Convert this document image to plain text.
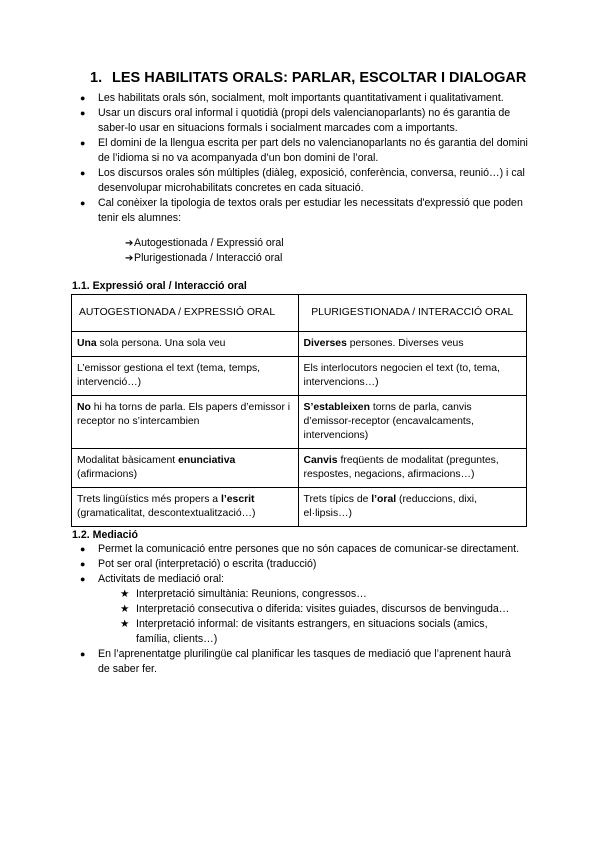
1. LES HABILITATS ORALS: PARLAR, ESCOLTAR I DIALOGAR
● Les habilitats orals són, socialment, molt importants quantitativament i qualitativament.
● Usar un discurs oral informal i quotidià (propi dels valencianoparlants) no és garantia de saber-lo usar en situacions formals i socialment marcades com a importants.
● El domini de la llengua escrita per part dels no valencianoparlants no és garantia del domini de l’idioma si no va acompanyada d’un bon domini de l’oral.
● Los discursos orales són múltiples (diàleg, exposició, conferència, conversa, reunió…) i cal desenvolupar microhabilitats concretes en cada situació.
● Cal conèixer la tipologia de textos orals per estudiar les necessitats d'expressió que poden tenir els alumnes:
➔ Autogestionada / Expressió oral
➔ Plurigestionada / Interacció oral
1.1. Expressió oral / Interacció oral
AUTOGESTIONADA / EXPRESSIÓ ORAL	PLURIGESTIONADA / INTERACCIÓ ORAL
Una sola persona. Una sola veu	Diverses persones. Diverses veus
L’emissor gestiona el text (tema, temps, intervenció…)	Els interlocutors negocien el text (to, tema, intervencions…)
No hi ha torns de parla. Els papers d’emissor i receptor no s’intercambien	S’estableixen torns de parla, canvis d’emissor-receptor (encavalcaments, intervencions)
Modalitat bàsicament enunciativa (afirmacions)	Canvis freqüents de modalitat (preguntes, respostes, negacions, afirmacions…)
Trets lingüístics més propers a l’escrit (gramaticalitat, descontextualització…)	Trets típics de l’oral (reduccions, dixi, el·lipsis…)
1.2. Mediació
● Permet la comunicació entre persones que no són capaces de comunicar-se directament.
● Pot ser oral (interpretació) o escrita (traducció)
● Activitats de mediació oral:
★ Interpretació simultània: Reunions, congressos…
★ Interpretació consecutiva o diferida: visites guiades, discursos de benvinguda…
★ Interpretació informal: de visitants estrangers, en situacions socials (amics, família, clients…)
● En l’aprenentatge plurilingüe cal planificar les tasques de mediació que l’aprenent haurà de saber fer.
